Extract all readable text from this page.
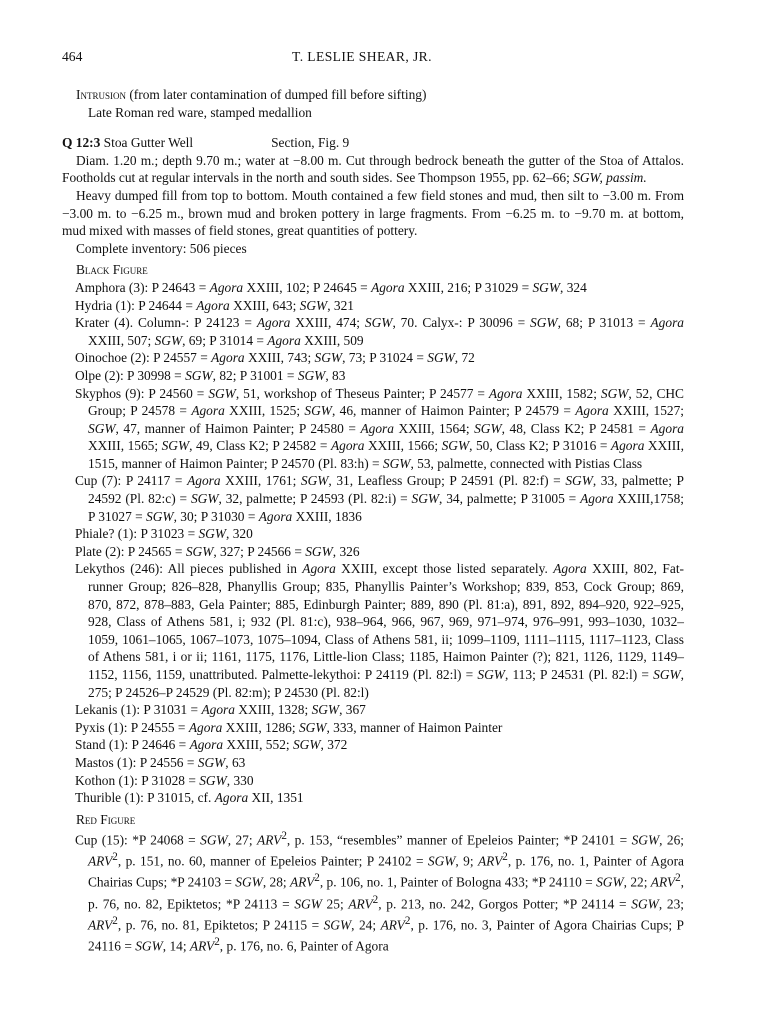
464	T. LESLIE SHEAR, JR.

Intrusion (from later contamination of dumped fill before sifting)

Late Roman red ware, stamped medallion

Q 12:3 Stoa Gutter Well	Section, Fig. 9

Diam. 1.20 m.; depth 9.70 m.; water at −8.00 m. Cut through bedrock beneath the gutter of the Stoa of Attalos. Footholds cut at regular intervals in the north and south sides. See Thompson 1955, pp. 62–66; SGW, passim.

Heavy dumped fill from top to bottom. Mouth contained a few field stones and mud, then silt to −3.00 m. From −3.00 m. to −6.25 m., brown mud and broken pottery in large fragments. From −6.25 m. to −9.70 m. at bottom, mud mixed with masses of field stones, great quantities of pottery.

Complete inventory: 506 pieces

Black Figure

Amphora (3): P 24643 = Agora XXIII, 102; P 24645 = Agora XXIII, 216; P 31029 = SGW, 324

Hydria (1): P 24644 = Agora XXIII, 643; SGW, 321

Krater (4). Column-: P 24123 = Agora XXIII, 474; SGW, 70. Calyx-: P 30096 = SGW, 68; P 31013 = Agora XXIII, 507; SGW, 69; P 31014 = Agora XXIII, 509

Oinochoe (2): P 24557 = Agora XXIII, 743; SGW, 73; P 31024 = SGW, 72

Olpe (2): P 30998 = SGW, 82; P 31001 = SGW, 83

Skyphos (9): P 24560 = SGW, 51, workshop of Theseus Painter; P 24577 = Agora XXIII, 1582; SGW, 52, CHC Group; P 24578 = Agora XXIII, 1525; SGW, 46, manner of Haimon Painter; P 24579 = Agora XXIII, 1527; SGW, 47, manner of Haimon Painter; P 24580 = Agora XXIII, 1564; SGW, 48, Class K2; P 24581 = Agora XXIII, 1565; SGW, 49, Class K2; P 24582 = Agora XXIII, 1566; SGW, 50, Class K2; P 31016 = Agora XXIII, 1515, manner of Haimon Painter; P 24570 (Pl. 83:h) = SGW, 53, palmette, connected with Pistias Class

Cup (7): P 24117 = Agora XXIII, 1761; SGW, 31, Leafless Group; P 24591 (Pl. 82:f) = SGW, 33, palmette; P 24592 (Pl. 82:c) = SGW, 32, palmette; P 24593 (Pl. 82:i) = SGW, 34, palmette; P 31005 = Agora XXIII,1758; P 31027 = SGW, 30; P 31030 = Agora XXIII, 1836

Phiale? (1): P 31023 = SGW, 320

Plate (2): P 24565 = SGW, 327; P 24566 = SGW, 326

Lekythos (246): All pieces published in Agora XXIII, except those listed separately. Agora XXIII, 802, Fat-runner Group; 826–828, Phanyllis Group; 835, Phanyllis Painter’s Workshop; 839, 853, Cock Group; 869, 870, 872, 878–883, Gela Painter; 885, Edinburgh Painter; 889, 890 (Pl. 81:a), 891, 892, 894–920, 922–925, 928, Class of Athens 581, i; 932 (Pl. 81:c), 938–964, 966, 967, 969, 971–974, 976–991, 993–1030, 1032–1059, 1061–1065, 1067–1073, 1075–1094, Class of Athens 581, ii; 1099–1109, 1111–1115, 1117–1123, Class of Athens 581, i or ii; 1161, 1175, 1176, Little-lion Class; 1185, Haimon Painter (?); 821, 1126, 1129, 1149–1152, 1156, 1159, unattributed. Palmette-lekythoi: P 24119 (Pl. 82:l) = SGW, 113; P 24531 (Pl. 82:l) = SGW, 275; P 24526–P 24529 (Pl. 82:m); P 24530 (Pl. 82:l)

Lekanis (1): P 31031 = Agora XXIII, 1328; SGW, 367

Pyxis (1): P 24555 = Agora XXIII, 1286; SGW, 333, manner of Haimon Painter

Stand (1): P 24646 = Agora XXIII, 552; SGW, 372

Mastos (1): P 24556 = SGW, 63

Kothon (1): P 31028 = SGW, 330

Thurible (1): P 31015, cf. Agora XII, 1351

Red Figure

Cup (15): *P 24068 = SGW, 27; ARV$^2$, p. 153, “resembles” manner of Epeleios Painter; *P 24101 = SGW, 26; ARV$^2$, p. 151, no. 60, manner of Epeleios Painter; P 24102 = SGW, 9; ARV$^2$, p. 176, no. 1, Painter of Agora Chairias Cups; *P 24103 = SGW, 28; ARV$^2$, p. 106, no. 1, Painter of Bologna 433; *P 24110 = SGW, 22; ARV$^2$, p. 76, no. 82, Epiktetos; *P 24113 = SGW 25; ARV$^2$, p. 213, no. 242, Gorgos Potter; *P 24114 = SGW, 23; ARV$^2$, p. 76, no. 81, Epiktetos; P 24115 = SGW, 24; ARV$^2$, p. 176, no. 3, Painter of Agora Chairias Cups; P 24116 = SGW, 14; ARV$^2$, p. 176, no. 6, Painter of Agora
